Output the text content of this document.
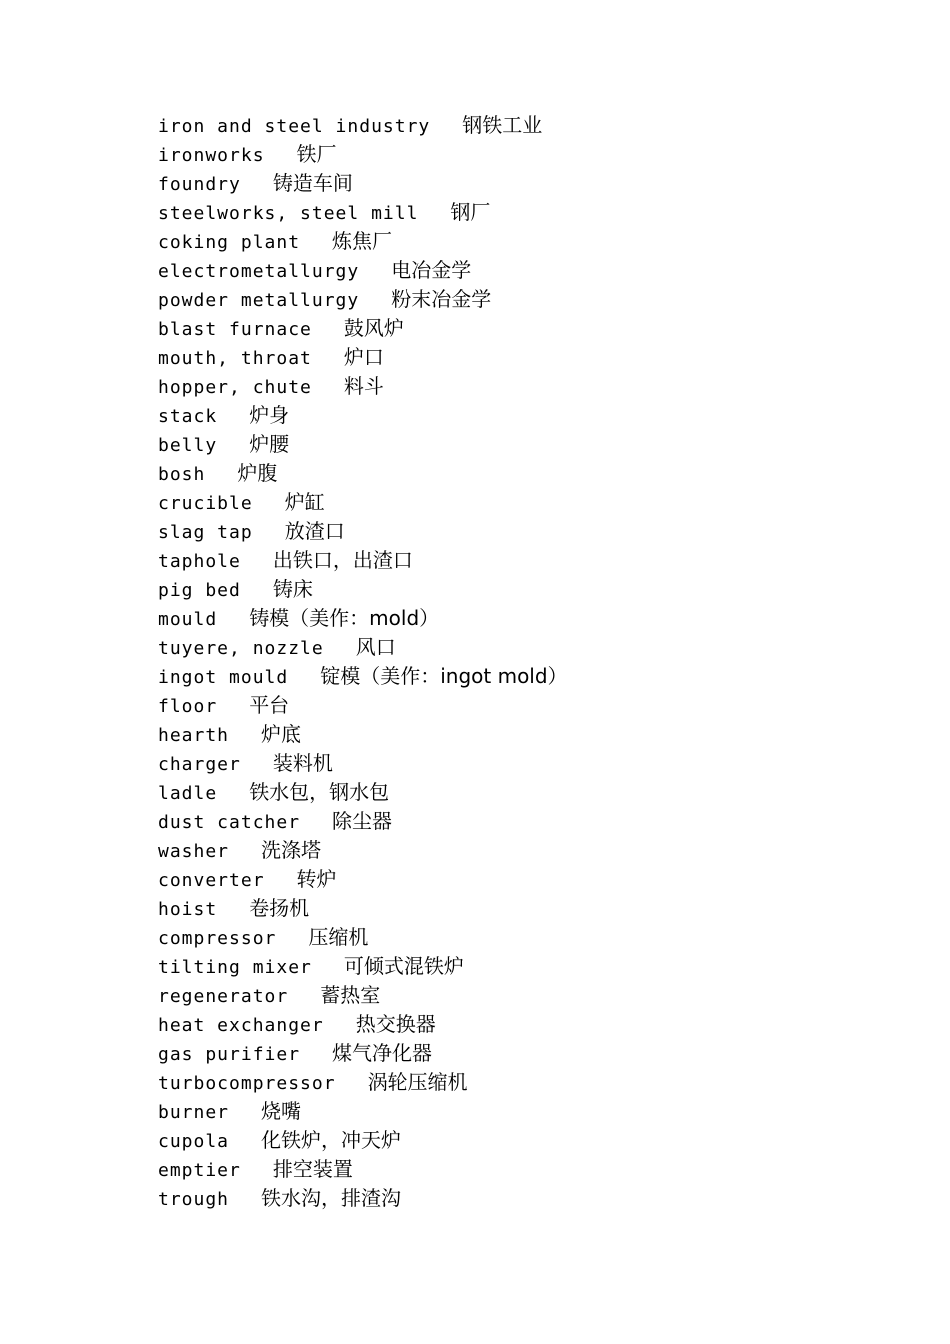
iron and steel industry 钢铁工业
ironworks 铁厂
foundry 铸造车间
steelworks, steel mill 钢厂
coking plant 炼焦厂
electrometallurgy 电冶金学
powder metallurgy 粉末冶金学
blast furnace 鼓风炉
mouth, throat 炉口
hopper, chute 料斗
stack 炉身
belly 炉腰
bosh 炉腹
crucible 炉缸
slag tap 放渣口
taphole 出铁口，出渣口
pig bed 铸床
mould 铸模（美作：mold）
tuyere, nozzle 风口
ingot mould 锭模（美作：ingot mold）
floor 平台
hearth 炉底
charger 装料机
ladle 铁水包，钢水包
dust catcher 除尘器
washer 洗涤塔
converter 转炉
hoist 卷扬机
compressor 压缩机
tilting mixer 可倾式混铁炉
regenerator 蓄热室
heat exchanger 热交换器
gas purifier 煤气净化器
turbocompressor 涡轮压缩机
burner 烧嘴
cupola 化铁炉，冲天炉
emptier 排空装置
trough 铁水沟，排渣沟
